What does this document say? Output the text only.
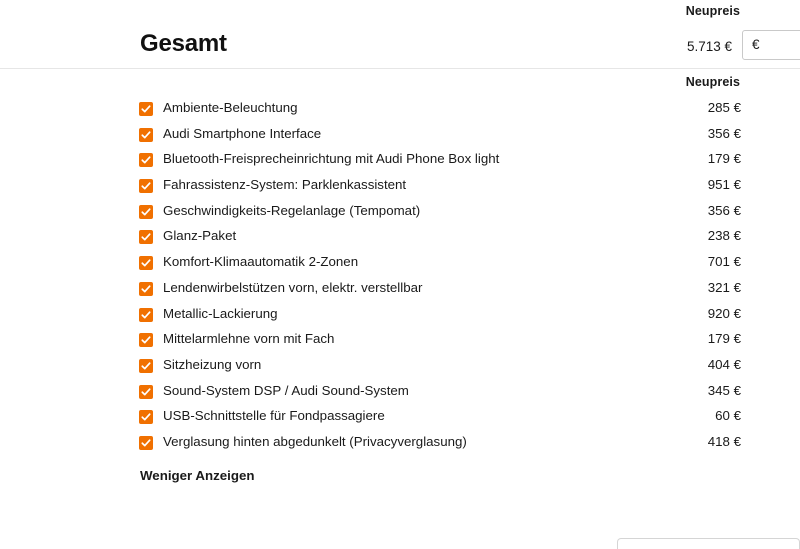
Neupreis
Gesamt	5.713 € €
Neupreis
Ambiente-Beleuchtung	285 €
Audi Smartphone Interface	356 €
Bluetooth-Freisprecheinrichtung mit Audi Phone Box light	179 €
Fahrassistenz-System: Parklenkassistent	951 €
Geschwindigkeits-Regelanlage (Tempomat)	356 €
Glanz-Paket	238 €
Komfort-Klimaautomatik 2-Zonen	701 €
Lendenwirbelstützen vorn, elektr. verstellbar	321 €
Metallic-Lackierung	920 €
Mittelarmlehne vorn mit Fach	179 €
Sitzheizung vorn	404 €
Sound-System DSP / Audi Sound-System	345 €
USB-Schnittstelle für Fondpassagiere	60 €
Verglasung hinten abgedunkelt (Privacyverglasung)	418 €
Weniger Anzeigen
